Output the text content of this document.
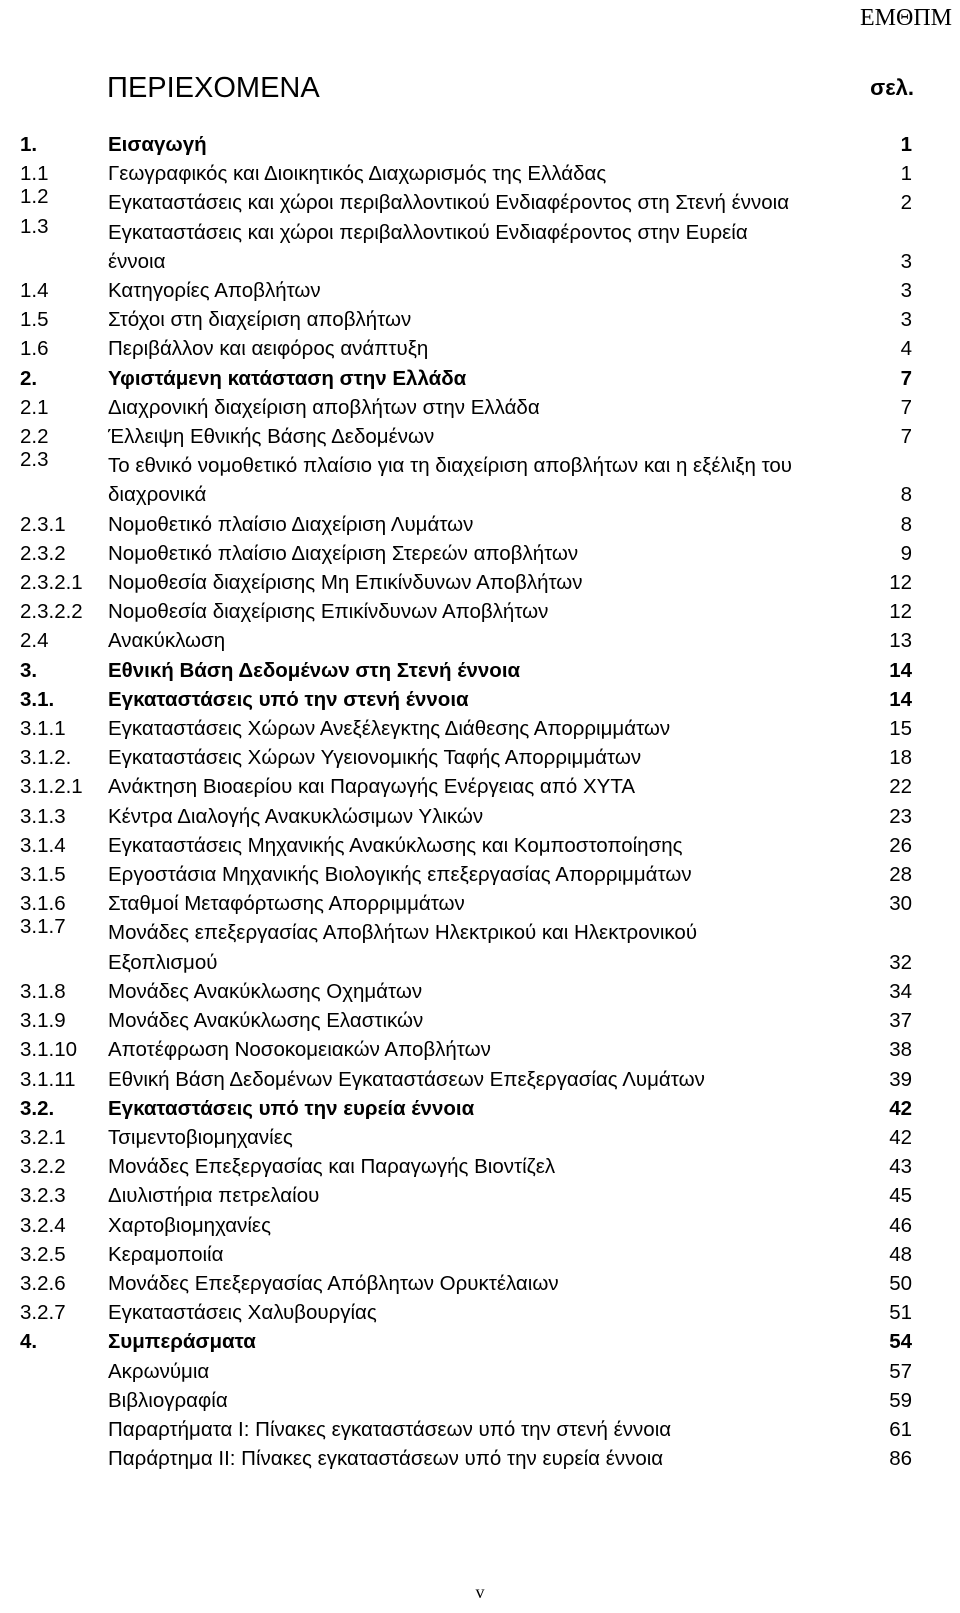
ΕΜΘΠΜ
ΠΕΡΙΕΧΟΜΕΝΑ	σελ.
1.	Εισαγωγή	1
1.1	Γεωγραφικός και Διοικητικός Διαχωρισμός της Ελλάδας	1
1.2	Εγκαταστάσεις και χώροι περιβαλλοντικού Ενδιαφέροντος στη Στενή έννοια	2
1.3	Εγκαταστάσεις και χώροι περιβαλλοντικού Ενδιαφέροντος στην Ευρεία έννοια	3
1.4	Κατηγορίες Αποβλήτων	3
1.5	Στόχοι στη διαχείριση αποβλήτων	3
1.6	Περιβάλλον και αειφόρος ανάπτυξη	4
2.	Υφιστάμενη κατάσταση στην Ελλάδα	7
2.1	Διαχρονική διαχείριση αποβλήτων στην Ελλάδα	7
2.2	Έλλειψη Εθνικής Βάσης Δεδομένων	7
2.3	Το εθνικό νομοθετικό πλαίσιο για τη διαχείριση αποβλήτων και η εξέλιξη του διαχρονικά	8
2.3.1 Νομοθετικό πλαίσιο Διαχείριση Λυμάτων	8
2.3.2 Νομοθετικό πλαίσιο Διαχείριση Στερεών αποβλήτων	9
2.3.2.1 Νομοθεσία διαχείρισης Μη Επικίνδυνων Αποβλήτων	12
2.3.2.2 Νομοθεσία διαχείρισης Επικίνδυνων Αποβλήτων	12
2.4	Ανακύκλωση	13
3.	Εθνική Βάση Δεδομένων στη Στενή έννοια	14
3.1.	Εγκαταστάσεις υπό την στενή έννοια	14
3.1.1 Εγκαταστάσεις Χώρων Ανεξέλεγκτης Διάθεσης Απορριμμάτων	15
3.1.2. Εγκαταστάσεις Χώρων Υγειονομικής Ταφής Απορριμμάτων	18
3.1.2.1 Ανάκτηση Βιοαερίου και Παραγωγής Ενέργειας από ΧΥΤΑ	22
3.1.3 Κέντρα Διαλογής Ανακυκλώσιμων Υλικών	23
3.1.4 Εγκαταστάσεις Μηχανικής Ανακύκλωσης και Κομποστοποίησης	26
3.1.5 Εργοστάσια Μηχανικής Βιολογικής επεξεργασίας Απορριμμάτων	28
3.1.6 Σταθμοί Μεταφόρτωσης Απορριμμάτων	30
3.1.7 Μονάδες επεξεργασίας Αποβλήτων Ηλεκτρικού και Ηλεκτρονικού Εξοπλισμού	32
3.1.8 Μονάδες Ανακύκλωσης Οχημάτων	34
3.1.9 Μονάδες Ανακύκλωσης Ελαστικών	37
3.1.10 Αποτέφρωση Νοσοκομειακών Αποβλήτων	38
3.1.11 Εθνική Βάση Δεδομένων Εγκαταστάσεων Επεξεργασίας Λυμάτων	39
3.2.	Εγκαταστάσεις υπό την ευρεία έννοια	42
3.2.1 Τσιμεντοβιομηχανίες	42
3.2.2 Μονάδες Επεξεργασίας και Παραγωγής Βιοντίζελ	43
3.2.3 Διυλιστήρια πετρελαίου	45
3.2.4 Χαρτοβιομηχανίες	46
3.2.5 Κεραμοποιία	48
3.2.6 Μονάδες Επεξεργασίας Απόβλητων Ορυκτέλαιων	50
3.2.7 Εγκαταστάσεις Χαλυβουργίας	51
4.	Συμπεράσματα	54
Ακρωνύμια	57
Βιβλιογραφία	59
Παραρτήματα Ι: Πίνακες εγκαταστάσεων υπό την στενή έννοια	61
Παράρτημα ΙΙ: Πίνακες εγκαταστάσεων υπό την ευρεία έννοια	86
v
